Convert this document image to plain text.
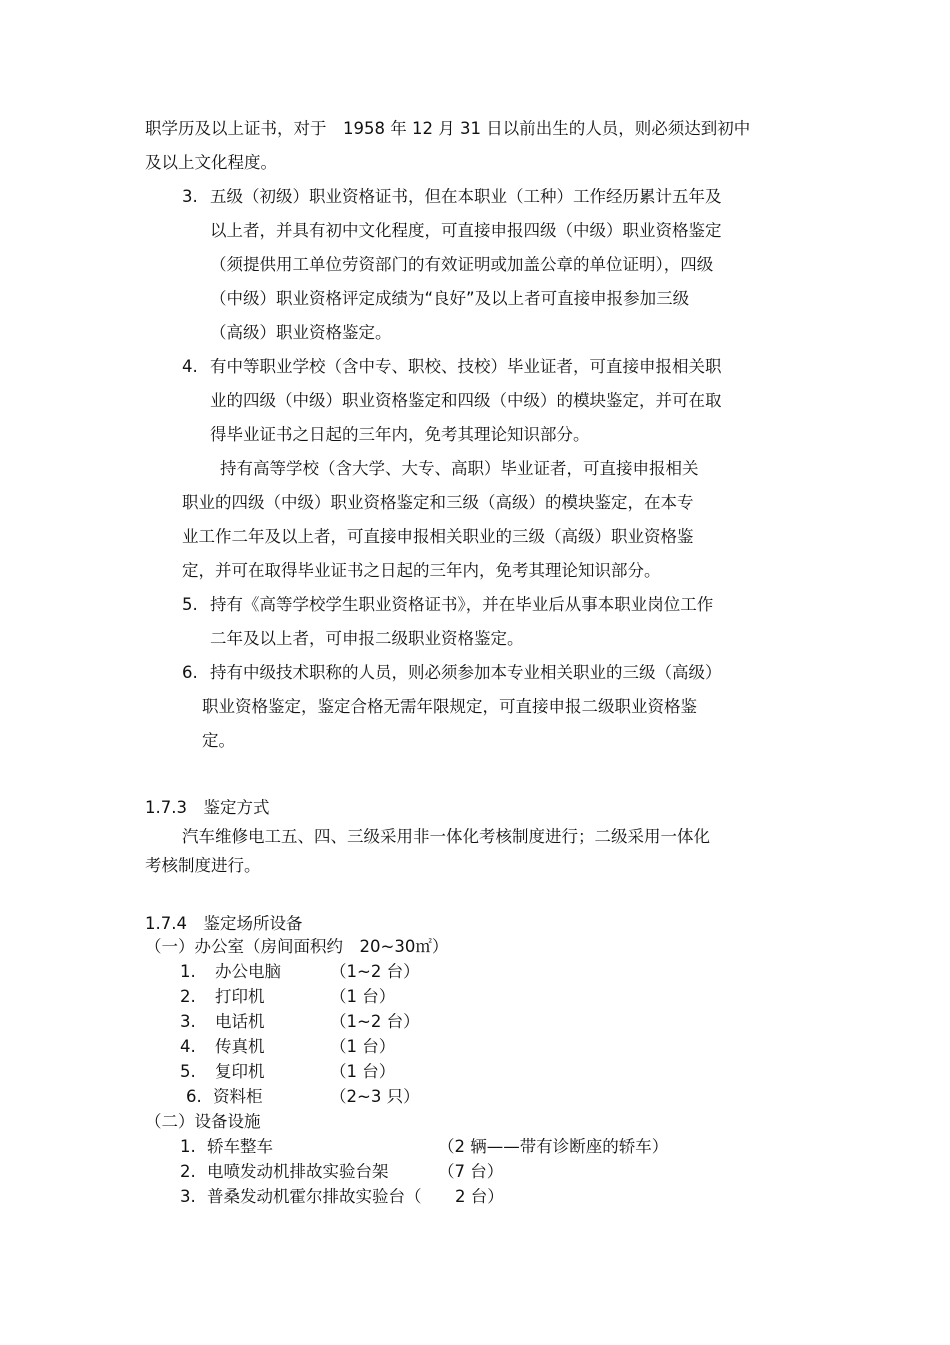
职学历及以上证书，对于　1958 年 12 月 31 日以前出生的人员，则必须达到初中
及以上文化程度。
3. 五级（初级）职业资格证书，但在本职业（工种）工作经历累计五年及
以上者，并具有初中文化程度，可直接申报四级（中级）职业资格鉴定
（须提供用工单位劳资部门的有效证明或加盖公章的单位证明），四级
（中级）职业资格评定成绩为“良好”及以上者可直接申报参加三级
（高级）职业资格鉴定。
4. 有中等职业学校（含中专、职校、技校）毕业证者，可直接申报相关职
业的四级（中级）职业资格鉴定和四级（中级）的模块鉴定，并可在取
得毕业证书之日起的三年内，免考其理论知识部分。
持有高等学校（含大学、大专、高职）毕业证者，可直接申报相关
职业的四级（中级）职业资格鉴定和三级（高级）的模块鉴定，在本专
业工作二年及以上者，可直接申报相关职业的三级（高级）职业资格鉴
定，并可在取得毕业证书之日起的三年内，免考其理论知识部分。
5. 持有《高等学校学生职业资格证书》，并在毕业后从事本职业岗位工作
二年及以上者，可申报二级职业资格鉴定。
6. 持有中级技术职称的人员，则必须参加本专业相关职业的三级（高级）
职业资格鉴定，鉴定合格无需年限规定，可直接申报二级职业资格鉴
定。
1.7.3　鉴定方式
汽车维修电工五、四、三级采用非一体化考核制度进行；二级采用一体化
考核制度进行。
1.7.4　鉴定场所设备
（一）办公室（房间面积约　20~30㎡）
1. 办公电脑	（1~2 台）
2. 打印机	（1 台）
3. 电话机	（1~2 台）
4. 传真机	（1 台）
5. 复印机	（1 台）
6. 资料柜	（2~3 只）
（二）设备设施
1. 轿车整车	（2 辆——带有诊断座的轿车）
2. 电喷发动机排故实验台架	（7 台）
3. 普桑发动机霍尔排故实验台（ 2 台）
